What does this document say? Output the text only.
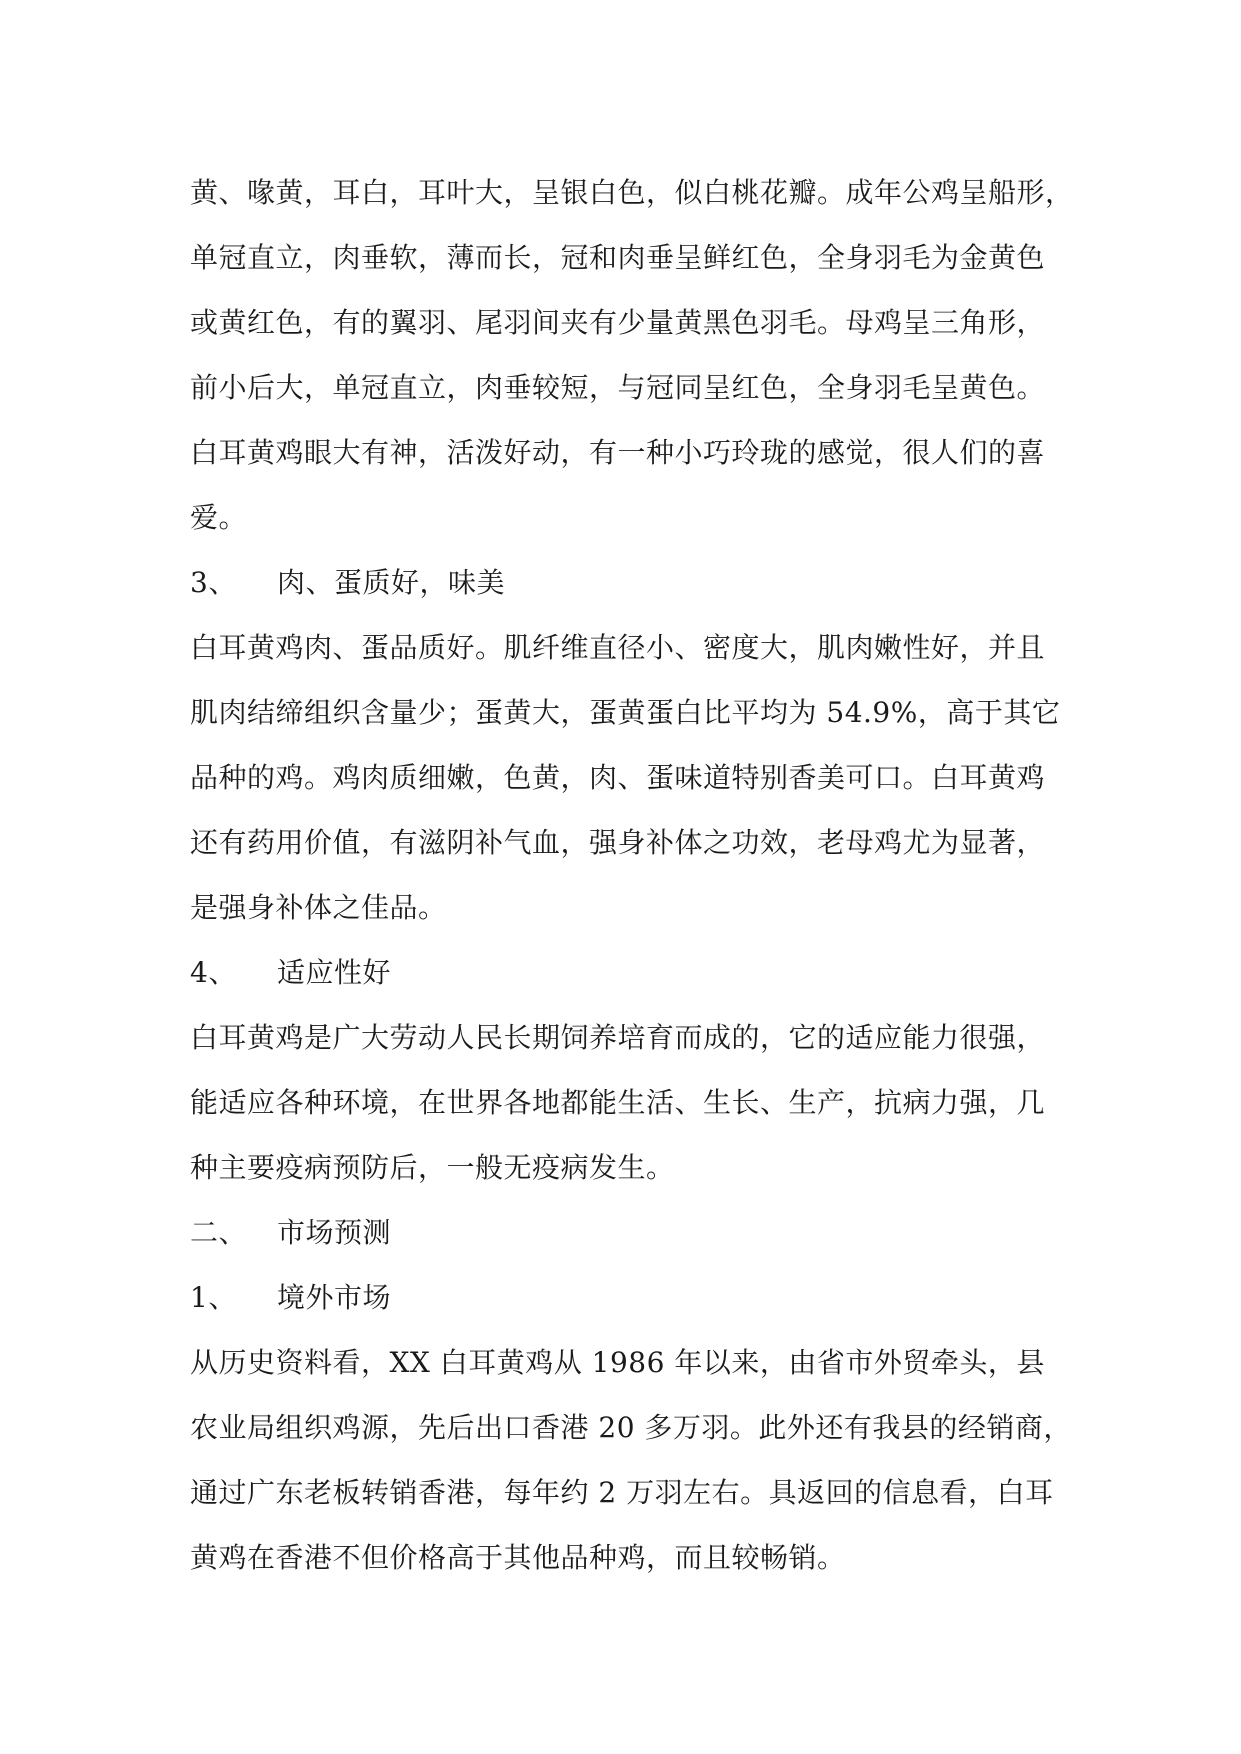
黄、喙黄，耳白，耳叶大，呈银白色，似白桃花瓣。成年公鸡呈船形，
单冠直立，肉垂软，薄而长，冠和肉垂呈鲜红色，全身羽毛为金黄色
或黄红色，有的翼羽、尾羽间夹有少量黄黑色羽毛。母鸡呈三角形，
前小后大，单冠直立，肉垂较短，与冠同呈红色，全身羽毛呈黄色。
白耳黄鸡眼大有神，活泼好动，有一种小巧玲珑的感觉，很人们的喜
爱。
3、	肉、蛋质好，味美
白耳黄鸡肉、蛋品质好。肌纤维直径小、密度大，肌肉嫩性好，并且
肌肉结缔组织含量少；蛋黄大，蛋黄蛋白比平均为 54.9%，高于其它
品种的鸡。鸡肉质细嫩，色黄，肉、蛋味道特别香美可口。白耳黄鸡
还有药用价值，有滋阴补气血，强身补体之功效，老母鸡尤为显著，
是强身补体之佳品。
4、	适应性好
白耳黄鸡是广大劳动人民长期饲养培育而成的，它的适应能力很强，
能适应各种环境，在世界各地都能生活、生长、生产，抗病力强，几
种主要疫病预防后，一般无疫病发生。
二、	市场预测
1、	境外市场
从历史资料看，XX 白耳黄鸡从 1986 年以来，由省市外贸牵头，县
农业局组织鸡源，先后出口香港 20 多万羽。此外还有我县的经销商，
通过广东老板转销香港，每年约 2 万羽左右。具返回的信息看，白耳
黄鸡在香港不但价格高于其他品种鸡，而且较畅销。
